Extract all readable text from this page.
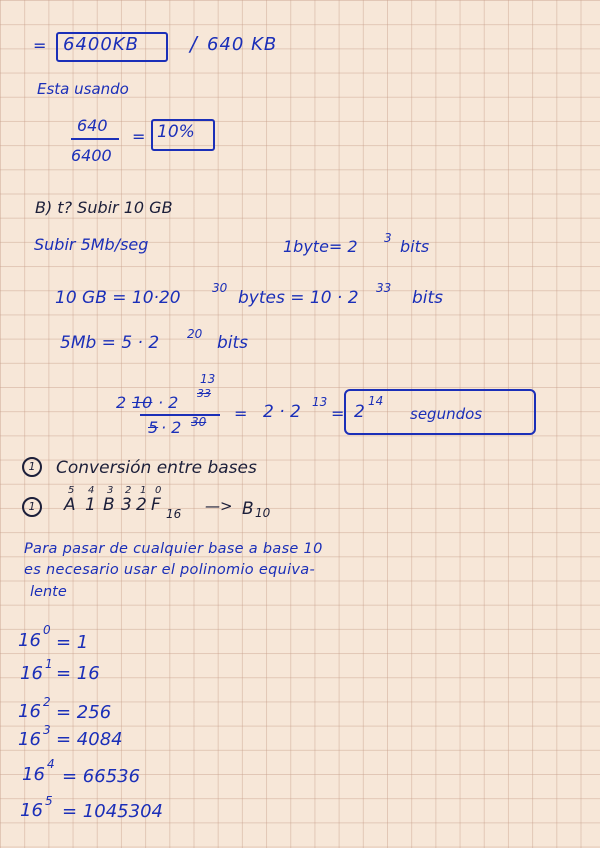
= 6400KB	/ 640 KB
Esta usando
640
6400
= 10%
B) t? Subir 10 GB
Subir 5Mb/seg	1byte= 2 3 bits
10 GB = 10·20	30 bytes = 10 · 2 33 bits
5Mb = 5 · 2 20 bits
13
2 10 · 2 33
5 · 2 30 = 2 · 2 13
= 2
14
segundos
1	Conversión entre bases
1
5 4 3 2 1 0
A 1 B 3 2 F 16 —> B 10
Para pasar de cualquier base a base 10
es necesario usar el polinomio equiva-
lente
16 0
= 1
16 1 = 16
16 2 = 256
16 3 = 4084
16 4
= 66536
16 5 = 1045304
